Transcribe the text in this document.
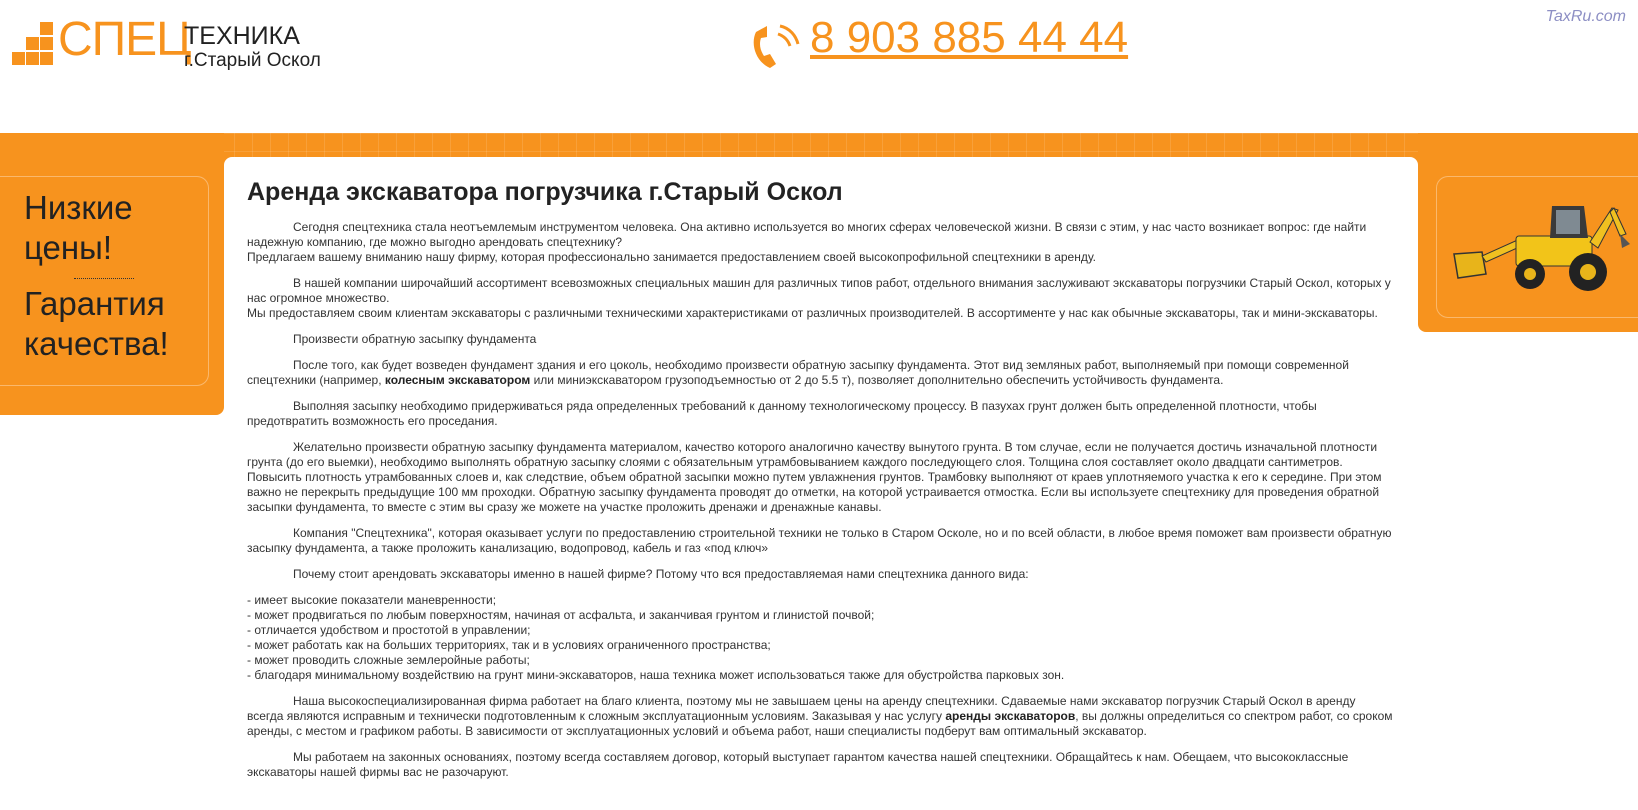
СПЕЦ
ТЕХНИКА
г.Старый Оскол	8 903 885 44 44	TaxRu.com
Низкие
цены!
Гарантия
качества!
Аренда экскаватора погрузчика г.Старый Оскол

Сегодня спецтехника стала неотъемлемым инструментом человека. Она активно используется во многих сферах человеческой жизни. В связи с этим, у нас часто возникает вопрос: где найти надежную компанию, где можно выгодно арендовать спецтехнику?
Предлагаем вашему вниманию нашу фирму, которая профессионально занимается предоставлением своей высокопрофильной спецтехники в аренду.

В нашей компании широчайший ассортимент всевозможных специальных машин для различных типов работ, отдельного внимания заслуживают экскаваторы погрузчики Старый Оскол, которых у нас огромное множество.
Мы предоставляем своим клиентам экскаваторы с различными техническими характеристиками от различных производителей. В ассортименте у нас как обычные экскаваторы, так и мини-экскаваторы.

Произвести обратную засыпку фундамента

После того, как будет возведен фундамент здания и его цоколь, необходимо произвести обратную засыпку фундамента. Этот вид земляных работ, выполняемый при помощи современной спецтехники (например, колесным экскаватором или миниэкскаватором грузоподъемностью от 2 до 5.5 т), позволяет дополнительно обеспечить устойчивость фундамента.

Выполняя засыпку необходимо придерживаться ряда определенных требований к данному технологическому процессу. В пазухах грунт должен быть определенной плотности, чтобы предотвратить возможность его проседания.

Желательно произвести обратную засыпку фундамента материалом, качество которого аналогично качеству вынутого грунта. В том случае, если не получается достичь изначальной плотности грунта (до его выемки), необходимо выполнять обратную засыпку слоями с обязательным утрамбовыванием каждого последующего слоя. Толщина слоя составляет около двадцати сантиметров. Повысить плотность утрамбованных слоев и, как следствие, объем обратной засыпки можно путем увлажнения грунтов. Трамбовку выполняют от краев уплотняемого участка к его к середине. При этом важно не перекрыть предыдущие 100 мм проходки. Обратную засыпку фундамента проводят до отметки, на которой устраивается отмостка. Если вы используете спецтехнику для проведения обратной засыпки фундамента, то вместе с этим вы сразу же можете на участке проложить дренажи и дренажные канавы.

Компания "Спецтехника", которая оказывает услуги по предоставлению строительной техники не только в Старом Осколе, но и по всей области, в любое время поможет вам произвести обратную засыпку фундамента, а также проложить канализацию, водопровод, кабель и газ «под ключ»

Почему стоит арендовать экскаваторы именно в нашей фирме? Потому что вся предоставляемая нами спецтехника данного вида:

- имеет высокие показатели маневренности;
- может продвигаться по любым поверхностям, начиная от асфальта, и заканчивая грунтом и глинистой почвой;
- отличается удобством и простотой в управлении;
- может работать как на больших территориях, так и в условиях ограниченного пространства;
- может проводить сложные землеройные работы;
- благодаря минимальному воздействию на грунт мини-экскаваторов, наша техника может использоваться также для обустройства парковых зон.

Наша высокоспециализированная фирма работает на благо клиента, поэтому мы не завышаем цены на аренду спецтехники. Сдаваемые нами экскаватор погрузчик Старый Оскол в аренду всегда являются исправным и технически подготовленным к сложным эксплуатационным условиям. Заказывая у нас услугу аренды экскаваторов, вы должны определиться со спектром работ, со сроком аренды, с местом и графиком работы. В зависимости от эксплуатационных условий и объема работ, наши специалисты подберут вам оптимальный экскаватор.

Мы работаем на законных основаниях, поэтому всегда составляем договор, который выступает гарантом качества нашей спецтехники. Обращайтесь к нам. Обещаем, что высококлассные экскаваторы нашей фирмы вас не разочаруют.
